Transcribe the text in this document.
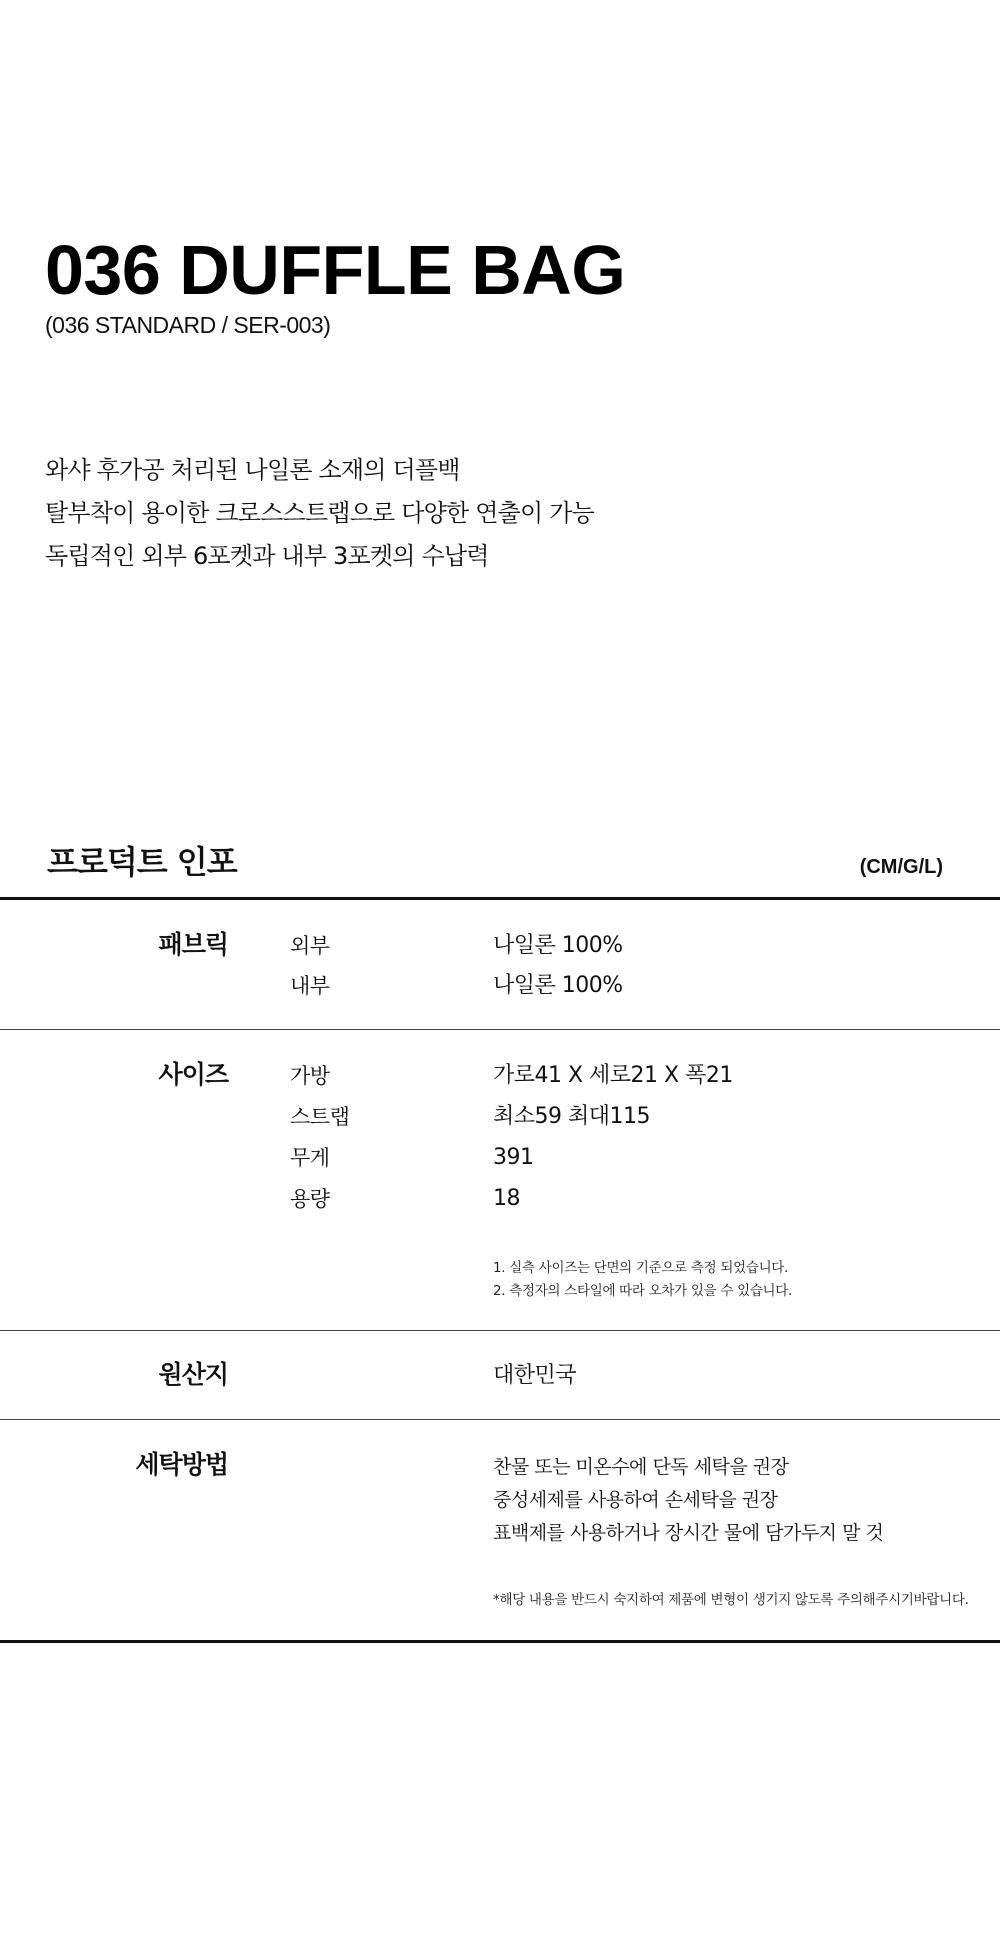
036 DUFFLE BAG
(036 STANDARD / SER-003)
와샤 후가공 처리된 나일론 소재의 더플백
탈부착이 용이한 크로스스트랩으로 다양한 연출이 가능
독립적인 외부 6포켓과 내부 3포켓의 수납력
프로덕트 인포	(CM/G/L)
패브릭	외부	나일론 100%
내부	나일론 100%
사이즈	가방	가로41 X 세로21 X 폭21
스트랩	최소59 최대115
무게	391
용량	18
1. 실측 사이즈는 단면의 기준으로 측정 되었습니다.
2. 측정자의 스타일에 따라 오차가 있을 수 있습니다.
원산지	대한민국
세탁방법	찬물 또는 미온수에 단독 세탁을 권장
중성세제를 사용하여 손세탁을 권장
표백제를 사용하거나 장시간 물에 담가두지 말 것
*해당 내용을 반드시 숙지하여 제품에 변형이 생기지 않도록 주의해주시기바랍니다.
